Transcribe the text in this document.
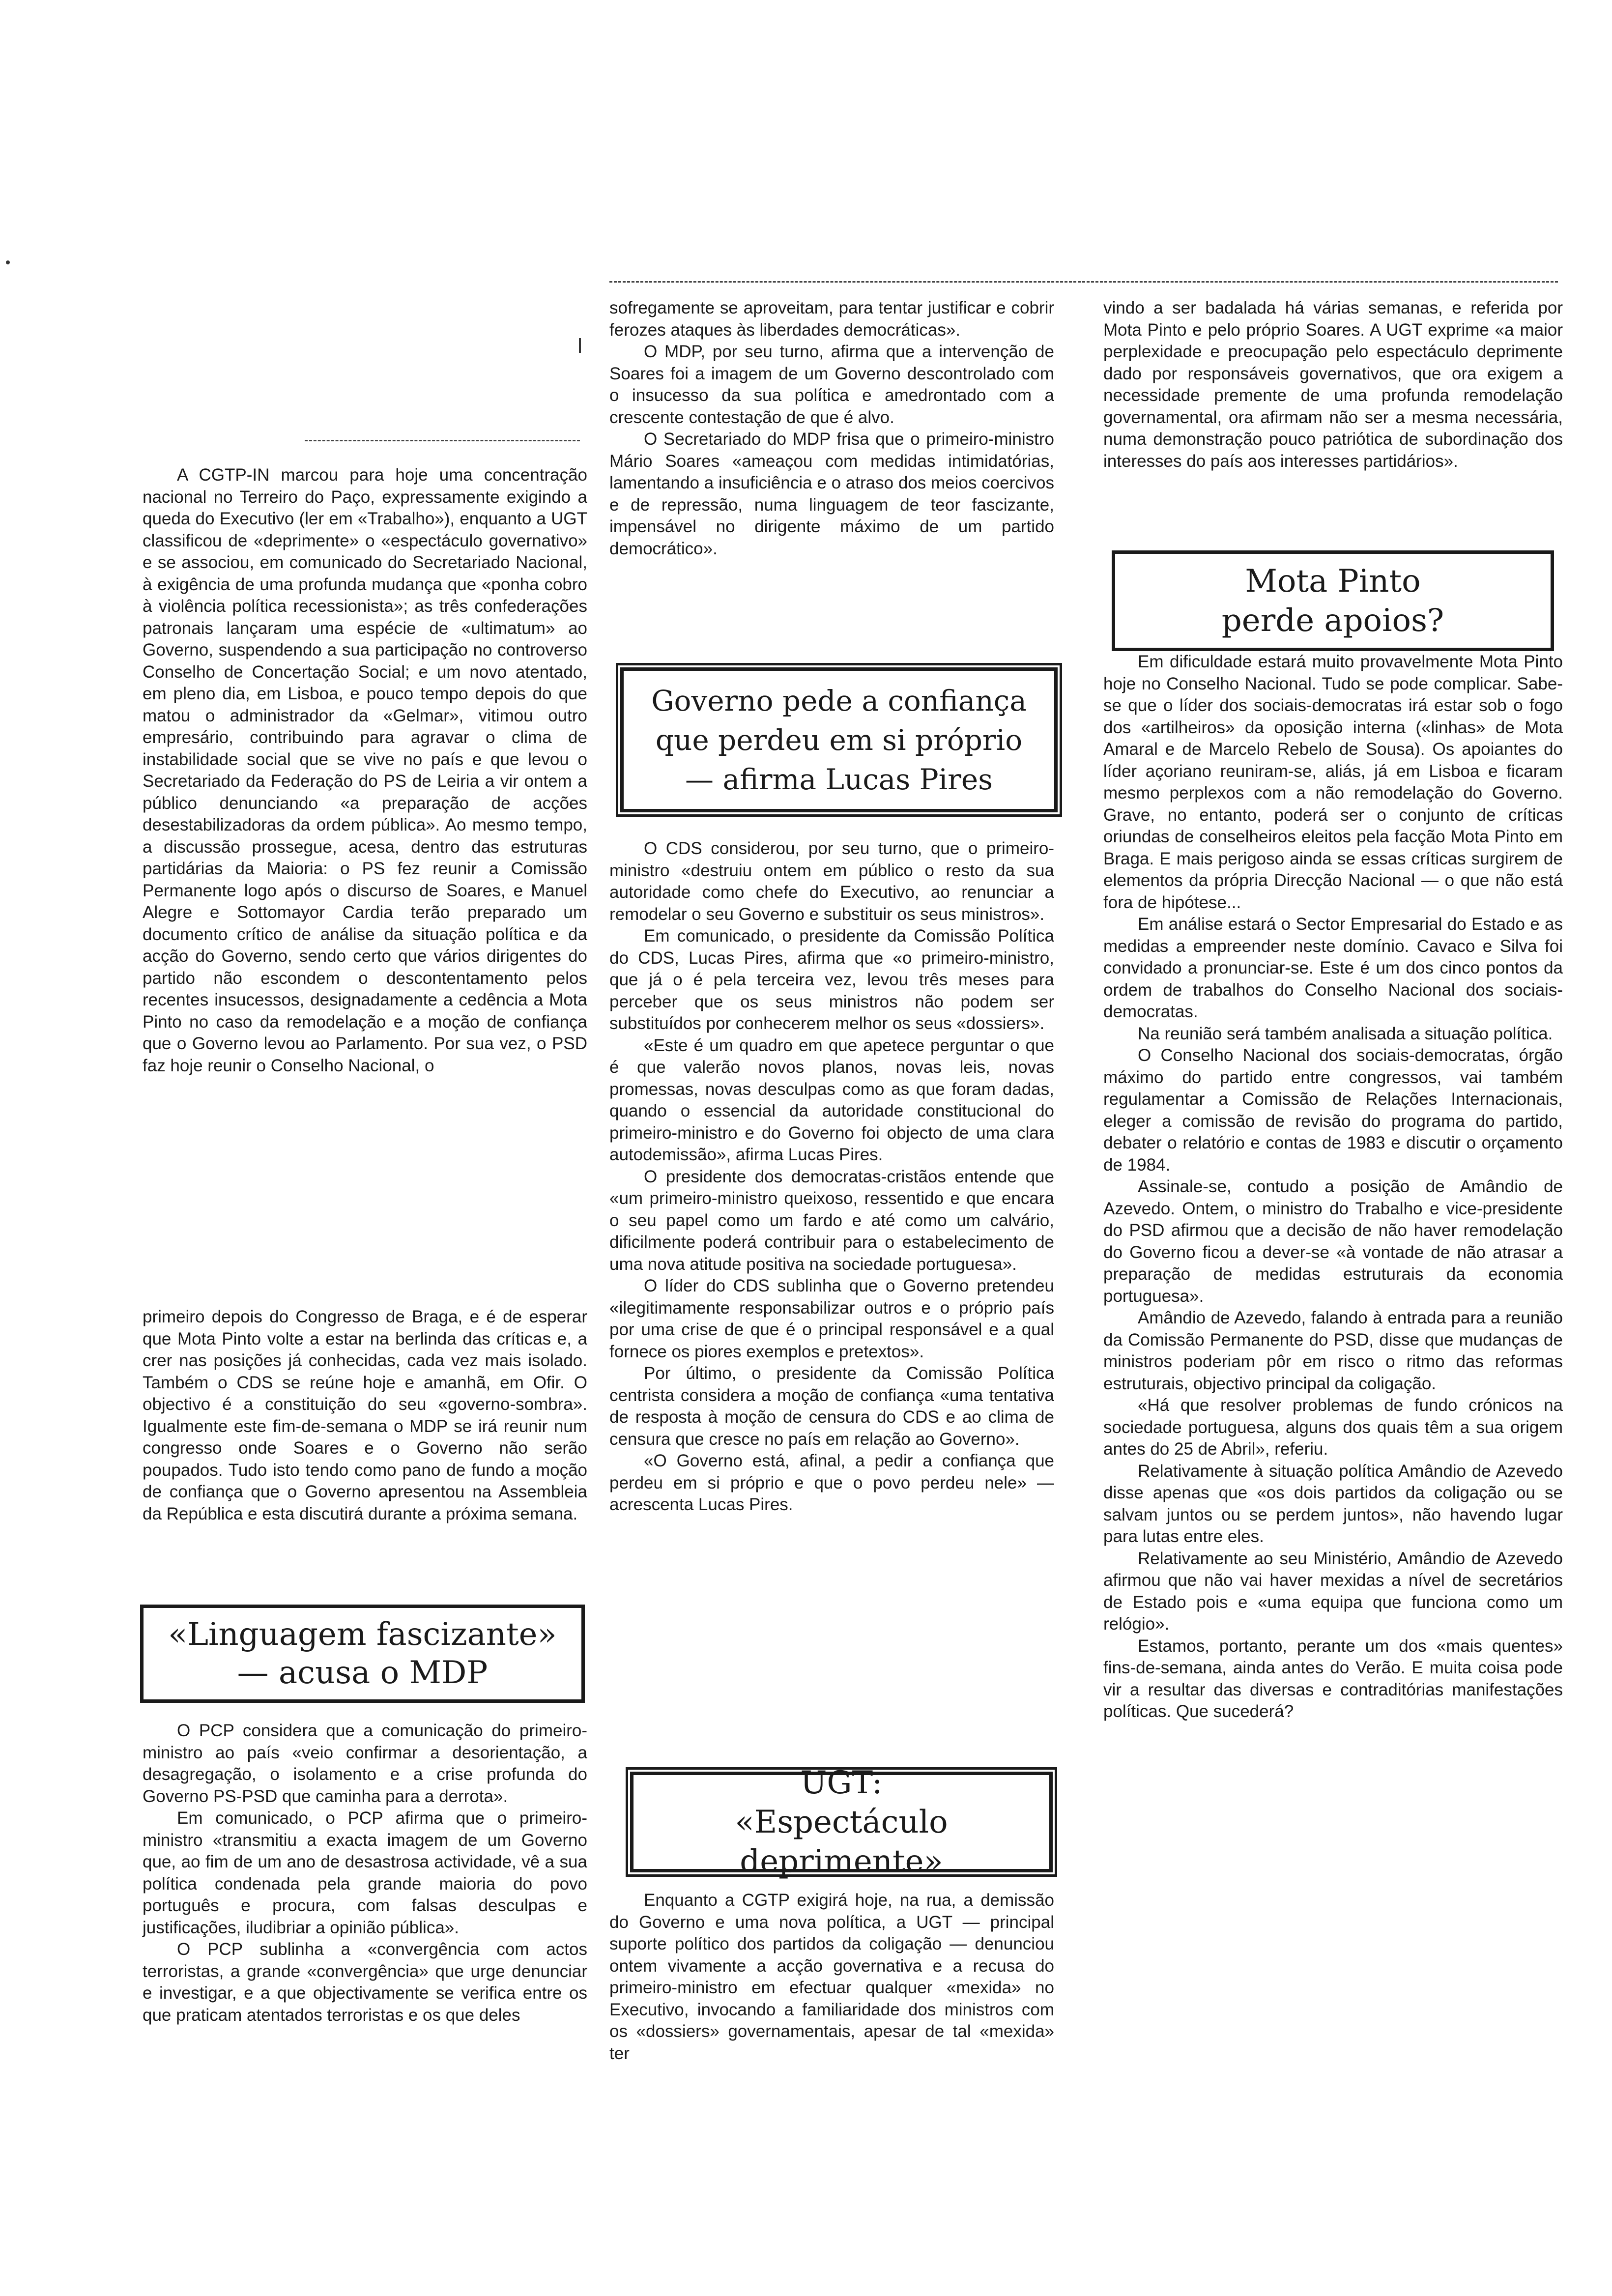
A CGTP-IN marcou para hoje uma concentração nacional no Terreiro do Paço, expressamente exigindo a queda do Executivo (ler em «Trabalho»), enquanto a UGT classificou de «deprimente» o «espectáculo governativo» e se associou, em comunicado do Secretariado Nacional, à exigência de uma profunda mudança que «ponha cobro à violência política recessionista»; as três confederações patronais lançaram uma espécie de «ultimatum» ao Governo, suspendendo a sua participação no controverso Conselho de Concertação Social; e um novo atentado, em pleno dia, em Lisboa, e pouco tempo depois do que matou o administrador da «Gelmar», vitimou outro empresário, contribuindo para agravar o clima de instabilidade social que se vive no país e que levou o Secretariado da Federação do PS de Leiria a vir ontem a público denunciando «a preparação de acções desestabilizadoras da ordem pública». Ao mesmo tempo, a discussão prossegue, acesa, dentro das estruturas partidárias da Maioria: o PS fez reunir a Comissão Permanente logo após o discurso de Soares, e Manuel Alegre e Sottomayor Cardia terão preparado um documento crítico de análise da situação política e da acção do Governo, sendo certo que vários dirigentes do partido não escondem o descontentamento pelos recentes insucessos, designadamente a cedência a Mota Pinto no caso da remodelação e a moção de confiança que o Governo levou ao Parlamento. Por sua vez, o PSD faz hoje reunir o Conselho Nacional, o

primeiro depois do Congresso de Braga, e é de esperar que Mota Pinto volte a estar na berlinda das críticas e, a crer nas posições já conhecidas, cada vez mais isolado. Também o CDS se reúne hoje e amanhã, em Ofir. O objectivo é a constituição do seu «governo-sombra». Igualmente este fim-de-semana o MDP se irá reunir num congresso onde Soares e o Governo não serão poupados. Tudo isto tendo como pano de fundo a moção de confiança que o Governo apresentou na Assembleia da República e esta discutirá durante a próxima semana.

«Linguagem fascizante»
— acusa o MDP

O PCP considera que a comunicação do primeiro-ministro ao país «veio confirmar a desorientação, a desagregação, o isolamento e a crise profunda do Governo PS-PSD que caminha para a derrota».

Em comunicado, o PCP afirma que o primeiro-ministro «transmitiu a exacta imagem de um Governo que, ao fim de um ano de desastrosa actividade, vê a sua política condenada pela grande maioria do povo português e procura, com falsas desculpas e justificações, iludibriar a opinião pública».

O PCP sublinha a «convergência com actos terroristas, a grande «convergência» que urge denunciar e investigar, e a que objectivamente se verifica entre os que praticam atentados terroristas e os que deles

sofregamente se aproveitam, para tentar justificar e cobrir ferozes ataques às liberdades democráticas».

O MDP, por seu turno, afirma que a intervenção de Soares foi a imagem de um Governo descontrolado com o insucesso da sua política e amedrontado com a crescente contestação de que é alvo.

O Secretariado do MDP frisa que o primeiro-ministro Mário Soares «ameaçou com medidas intimidatórias, lamentando a insuficiência e o atraso dos meios coercivos e de repressão, numa linguagem de teor fascizante, impensável no dirigente máximo de um partido democrático».

Governo pede a confiança
que perdeu em si próprio
— afirma Lucas Pires

O CDS considerou, por seu turno, que o primeiro-ministro «destruiu ontem em público o resto da sua autoridade como chefe do Executivo, ao renunciar a remodelar o seu Governo e substituir os seus ministros».

Em comunicado, o presidente da Comissão Política do CDS, Lucas Pires, afirma que «o primeiro-ministro, que já o é pela terceira vez, levou três meses para perceber que os seus ministros não podem ser substituídos por conhecerem melhor os seus «dossiers».

«Este é um quadro em que apetece perguntar o que é que valerão novos planos, novas leis, novas promessas, novas desculpas como as que foram dadas, quando o essencial da autoridade constitucional do primeiro-ministro e do Governo foi objecto de uma clara autodemissão», afirma Lucas Pires.

O presidente dos democratas-cristãos entende que «um primeiro-ministro queixoso, ressentido e que encara o seu papel como um fardo e até como um calvário, dificilmente poderá contribuir para o estabelecimento de uma nova atitude positiva na sociedade portuguesa».

O líder do CDS sublinha que o Governo pretendeu «ilegitimamente responsabilizar outros e o próprio país por uma crise de que é o principal responsável e a qual fornece os piores exemplos e pretextos».

Por último, o presidente da Comissão Política centrista considera a moção de confiança «uma tentativa de resposta à moção de censura do CDS e ao clima de censura que cresce no país em relação ao Governo».

«O Governo está, afinal, a pedir a confiança que perdeu em si próprio e que o povo perdeu nele» — acrescenta Lucas Pires.

UGT:
«Espectáculo deprimente»

Enquanto a CGTP exigirá hoje, na rua, a demissão do Governo e uma nova política, a UGT — principal suporte político dos partidos da coligação — denunciou ontem vivamente a acção governativa e a recusa do primeiro-ministro em efectuar qualquer «mexida» no Executivo, invocando a familiaridade dos ministros com os «dossiers» governamentais, apesar de tal «mexida» ter

vindo a ser badalada há várias semanas, e referida por Mota Pinto e pelo próprio Soares. A UGT exprime «a maior perplexidade e preocupação pelo espectáculo deprimente dado por responsáveis governativos, que ora exigem a necessidade premente de uma profunda remodelação governamental, ora afirmam não ser a mesma necessária, numa demonstração pouco patriótica de subordinação dos interesses do país aos interesses partidários».

Mota Pinto
perde apoios?

Em dificuldade estará muito provavelmente Mota Pinto hoje no Conselho Nacional. Tudo se pode complicar. Sabe-se que o líder dos sociais-democratas irá estar sob o fogo dos «artilheiros» da oposição interna («linhas» de Mota Amaral e de Marcelo Rebelo de Sousa). Os apoiantes do líder açoriano reuniram-se, aliás, já em Lisboa e ficaram mesmo perplexos com a não remodelação do Governo. Grave, no entanto, poderá ser o conjunto de críticas oriundas de conselheiros eleitos pela facção Mota Pinto em Braga. E mais perigoso ainda se essas críticas surgirem de elementos da própria Direcção Nacional — o que não está fora de hipótese...

Em análise estará o Sector Empresarial do Estado e as medidas a empreender neste domínio. Cavaco e Silva foi convidado a pronunciar-se. Este é um dos cinco pontos da ordem de trabalhos do Conselho Nacional dos sociais-democratas.

Na reunião será também analisada a situação política.

O Conselho Nacional dos sociais-democratas, órgão máximo do partido entre congressos, vai também regulamentar a Comissão de Relações Internacionais, eleger a comissão de revisão do programa do partido, debater o relatório e contas de 1983 e discutir o orçamento de 1984.

Assinale-se, contudo a posição de Amândio de Azevedo. Ontem, o ministro do Trabalho e vice-presidente do PSD afirmou que a decisão de não haver remodelação do Governo ficou a dever-se «à vontade de não atrasar a preparação de medidas estruturais da economia portuguesa».

Amândio de Azevedo, falando à entrada para a reunião da Comissão Permanente do PSD, disse que mudanças de ministros poderiam pôr em risco o ritmo das reformas estruturais, objectivo principal da coligação.

«Há que resolver problemas de fundo crónicos na sociedade portuguesa, alguns dos quais têm a sua origem antes do 25 de Abril», referiu.

Relativamente à situação política Amândio de Azevedo disse apenas que «os dois partidos da coligação ou se salvam juntos ou se perdem juntos», não havendo lugar para lutas entre eles.

Relativamente ao seu Ministério, Amândio de Azevedo afirmou que não vai haver mexidas a nível de secretários de Estado pois e «uma equipa que funciona como um relógio».

Estamos, portanto, perante um dos «mais quentes» fins-de-semana, ainda antes do Verão. E muita coisa pode vir a resultar das diversas e contraditórias manifestações políticas. Que sucederá?
